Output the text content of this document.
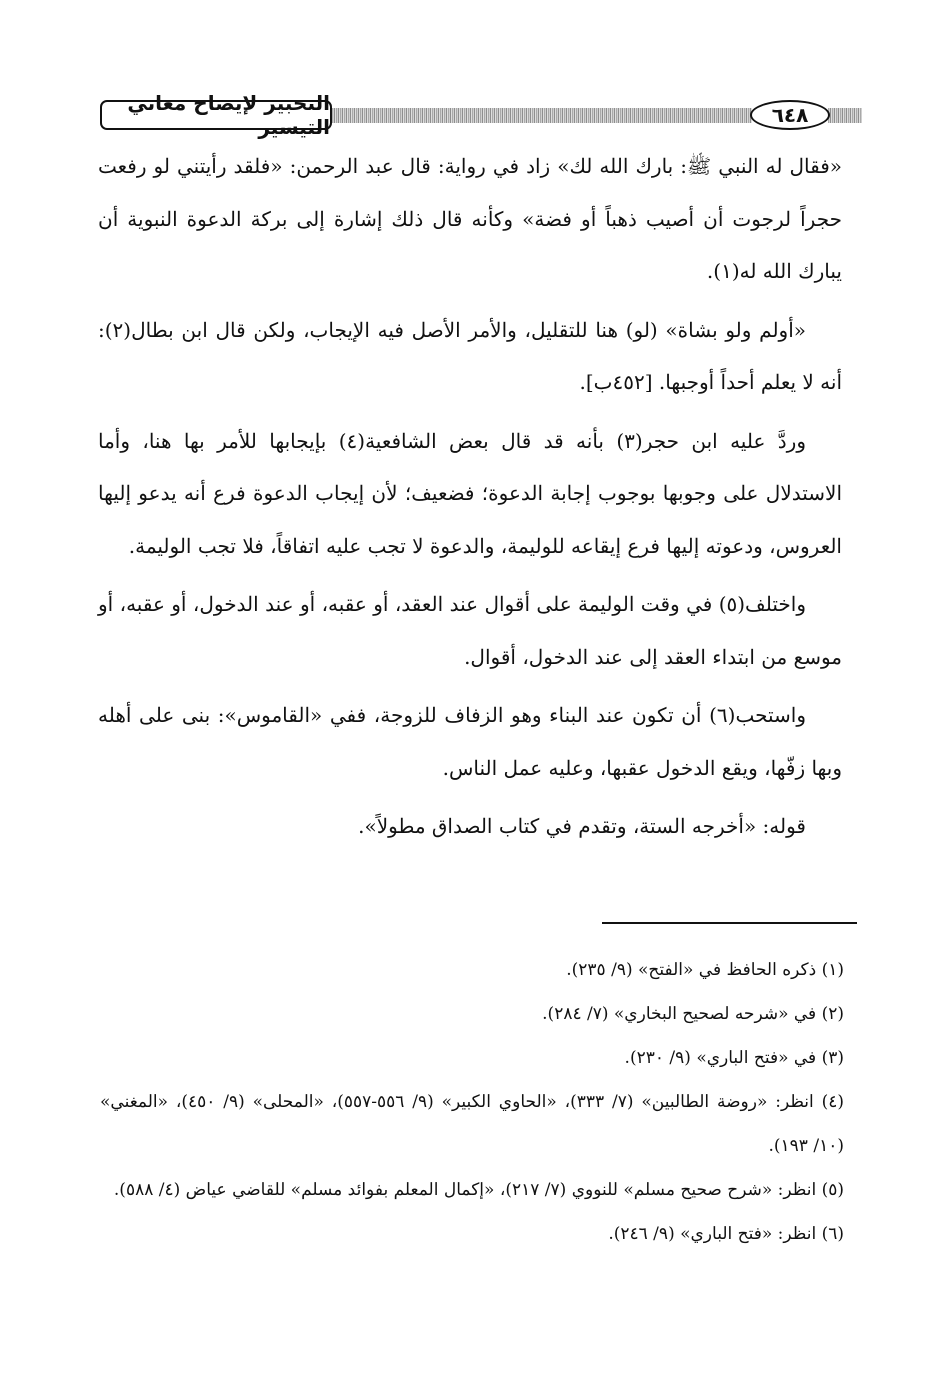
التحبير لإيضاح معاني التيسير	٦٤٨

«فقال له النبي ﷺ: بارك الله لك» زاد في رواية: قال عبد الرحمن: «فلقد رأيتني لو رفعت حجراً لرجوت أن أصيب ذهباً أو فضة» وكأنه قال ذلك إشارة إلى بركة الدعوة النبوية أن يبارك الله له(١).

«أولم ولو بشاة» (لو) هنا للتقليل، والأمر الأصل فيه الإيجاب، ولكن قال ابن بطال(٢): أنه لا يعلم أحداً أوجبها. [٤٥٢ب].

وردَّ عليه ابن حجر(٣) بأنه قد قال بعض الشافعية(٤) بإيجابها للأمر بها هنا، وأما الاستدلال على وجوبها بوجوب إجابة الدعوة؛ فضعيف؛ لأن إيجاب الدعوة فرع أنه يدعو إليها العروس، ودعوته إليها فرع إيقاعه للوليمة، والدعوة لا تجب عليه اتفاقاً، فلا تجب الوليمة.

واختلف(٥) في وقت الوليمة على أقوال عند العقد، أو عقبه، أو عند الدخول، أو عقبه، أو موسع من ابتداء العقد إلى عند الدخول، أقوال.

واستحب(٦) أن تكون عند البناء وهو الزفاف للزوجة، ففي «القاموس»: بنى على أهله وبها زفّها، ويقع الدخول عقبها، وعليه عمل الناس.

قوله: «أخرجه الستة، وتقدم في كتاب الصداق مطولاً».

(١) ذكره الحافظ في «الفتح» (٩/ ٢٣٥).

(٢) في «شرحه لصحيح البخاري» (٧/ ٢٨٤).

(٣) في «فتح الباري» (٩/ ٢٣٠).

(٤) انظر: «روضة الطالبين» (٧/ ٣٣٣)، «الحاوي الكبير» (٩/ ٥٥٦-٥٥٧)، «المحلى» (٩/ ٤٥٠)، «المغني» (١٠/ ١٩٣).

(٥) انظر: «شرح صحيح مسلم» للنووي (٧/ ٢١٧)، «إكمال المعلم بفوائد مسلم» للقاضي عياض (٤/ ٥٨٨).

(٦) انظر: «فتح الباري» (٩/ ٢٤٦).
